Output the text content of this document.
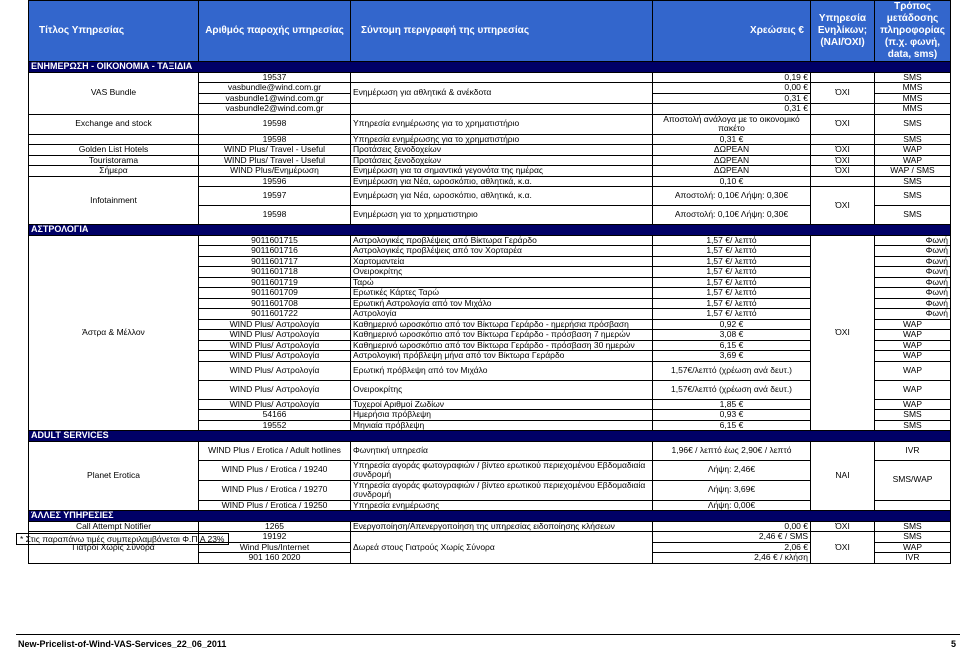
Τίτλος Υπηρεσίας	Αριθμός παροχής υπηρεσίας	Σύντομη περιγραφή της υπηρεσίας	Χρεώσεις €	Υπηρεσία Ενηλίκων; (ΝΑΙ/ΌΧΙ)	Τρόπος μετάδοσης πληροφορίας (π.χ. φωνή, data, sms)
ΕΝΗΜΕΡΩΣΗ - ΟΙΚΟΝΟΜΙΑ - ΤΑΞΙΔΙΑ					
VAS Bundle	19537		0,19 €		SMS
	vasbundle@wind.com.gr	Ενημέρωση για αθλητικά & ανέκδοτα	0,00 €	ΌΧΙ	MMS
	vasbundle1@wind.com.gr		0,31 €		MMS
	vasbundle2@wind.com.gr		0,31 €		MMS
Exchange and stock	19598	Υπηρεσία ενημέρωσης για το χρηματιστήριο	Αποστολή ανάλογα με το οικονομικό πακέτο	ΌΧΙ	SMS
	19598	Υπηρεσία ενημέρωσης για το χρηματιστήριο	0,31 €		SMS
Golden List Hotels	WIND Plus/ Travel - Useful	Προτάσεις ξενοδοχείων	ΔΩΡΕΑΝ	ΌΧΙ	WAP
Touristorama	WIND Plus/ Travel - Useful	Προτάσεις ξενοδοχείων	ΔΩΡΕΑΝ	ΌΧΙ	WAP
Σήμερα	WIND Plus/Ενημέρωση	Ενημέρωση για τα σημαντικά γεγονότα της ημέρας	ΔΩΡΕΑΝ	ΌΧΙ	WAP / SMS
Infotainment	19596	Ενημέρωση για Νέα, ωροσκόπιο, αθλητικά, κ.α.	0,10 €		SMS
	19597	Ενημέρωση για Νέα, ωροσκόπιο, αθλητικά, κ.α.	Αποστολή: 0,10€ Λήψη: 0,30€	ΌΧΙ	SMS
	19598	Ενημέρωση για το χρηματιστηριο	Αποστολή: 0,10€ Λήψη: 0,30€		SMS
ΑΣΤΡΟΛΟΓΙΑ					
Άστρα & Μέλλον	9011601715	Αστρολογικές προβλέψεις από Βίκτωρα Γεράρδο	1,57 €/ λεπτό	ΌΧΙ	Φωνή
	9011601716	Αστρολογικές προβλέψεις από τον Χορταρέα	1,57 €/ λεπτό		Φωνή
	9011601717	Χαρτομαντεία	1,57 €/ λεπτό		Φωνή
	9011601718	Ονειροκρίτης	1,57 €/ λεπτό		Φωνή
	9011601719	Ταρώ	1,57 €/ λεπτό		Φωνή
	9011601709	Ερωτικές Κάρτες Ταρώ	1,57 €/ λεπτό		Φωνή
	9011601708	Ερωτική Αστρολογία από τον Μιχάλο	1,57 €/ λεπτό		Φωνή
	9011601722	Αστρολογία	1,57 €/ λεπτό		Φωνή
	WIND Plus/ Αστρολογία	Καθημερινό ωροσκόπιο από τον Βίκτωρα Γεράρδο - ημερήσια πρόσβαση	0,92 €		WAP
	WIND Plus/ Αστρολογία	Καθημερινό ωροσκόπιο από τον Βίκτωρα Γεράρδο - πρόσβαση 7 ημερών	3,08 €		WAP
	WIND Plus/ Αστρολογία	Καθημερινό ωροσκόπιο από τον Βίκτωρα Γεράρδο - πρόσβαση 30 ημερών	6,15 €		WAP
	WIND Plus/ Αστρολογία	Αστρολογική πρόβλεψη μήνα από τον Βίκτωρα Γεράρδο	3,69 €		WAP
	WIND Plus/ Αστρολογία	Ερωτική πρόβλεψη από τον Μιχάλο	1,57€/λεπτό (χρέωση ανά δευτ.)		WAP
	WIND Plus/ Αστρολογία	Ονειροκρίτης	1,57€/λεπτό (χρέωση ανά δευτ.)		WAP
	WIND Plus/ Αστρολογία	Τυχεροί Αριθμοί Ζωδίων	1,85 €		WAP
	54166	Ημερήσια πρόβλεψη	0,93 €		SMS
	19552	Μηνιαία πρόβλεψη	6,15 €		SMS
ADULT SERVICES					
Planet Erotica	WIND Plus / Erotica / Adult hotlines	Φωνητική υπηρεσία	1,96€ / λεπτό έως 2,90€ / λεπτό	ΝΑΙ	IVR
	WIND Plus / Erotica / 19240	Υπηρεσία αγοράς φωτογραφιών / βίντεο ερωτικού περιεχομένου Εβδομαδιαία συνδρομή	Λήψη: 2,46€		SMS/WAP
	WIND Plus / Erotica / 19270	Υπηρεσία αγοράς φωτογραφιών / βίντεο ερωτικού περιεχομένου Εβδομαδιαία συνδρομή	Λήψη: 3,69€		
	WIND Plus / Erotica / 19250	Υπηρεσία ενημέρωσης	Λήψη: 0,00€		
ΆΛΛΕΣ ΥΠΗΡΕΣΙΕΣ					
Call Attempt Notifier	1265	Ενεργοποίηση/Απενεργοποίηση της υπηρεσίας ειδοποίησης κλήσεων	0,00 €	ΌΧΙ	SMS
Γιατροί Χωρίς Σύνορα	19192	Δωρεά στους Γιατρούς Χωρίς Σύνορα	2,46 € / SMS	ΌΧΙ	SMS
	Wind Plus/Internet		2,06 €		WAP
	901 160 2020		2,46 € / κλήση		IVR
* Στις παραπάνω τιμές συμπεριλαμβάνεται Φ.Π.Α 23%
New-Pricelist-of-Wind-VAS-Services_22_06_2011	5
